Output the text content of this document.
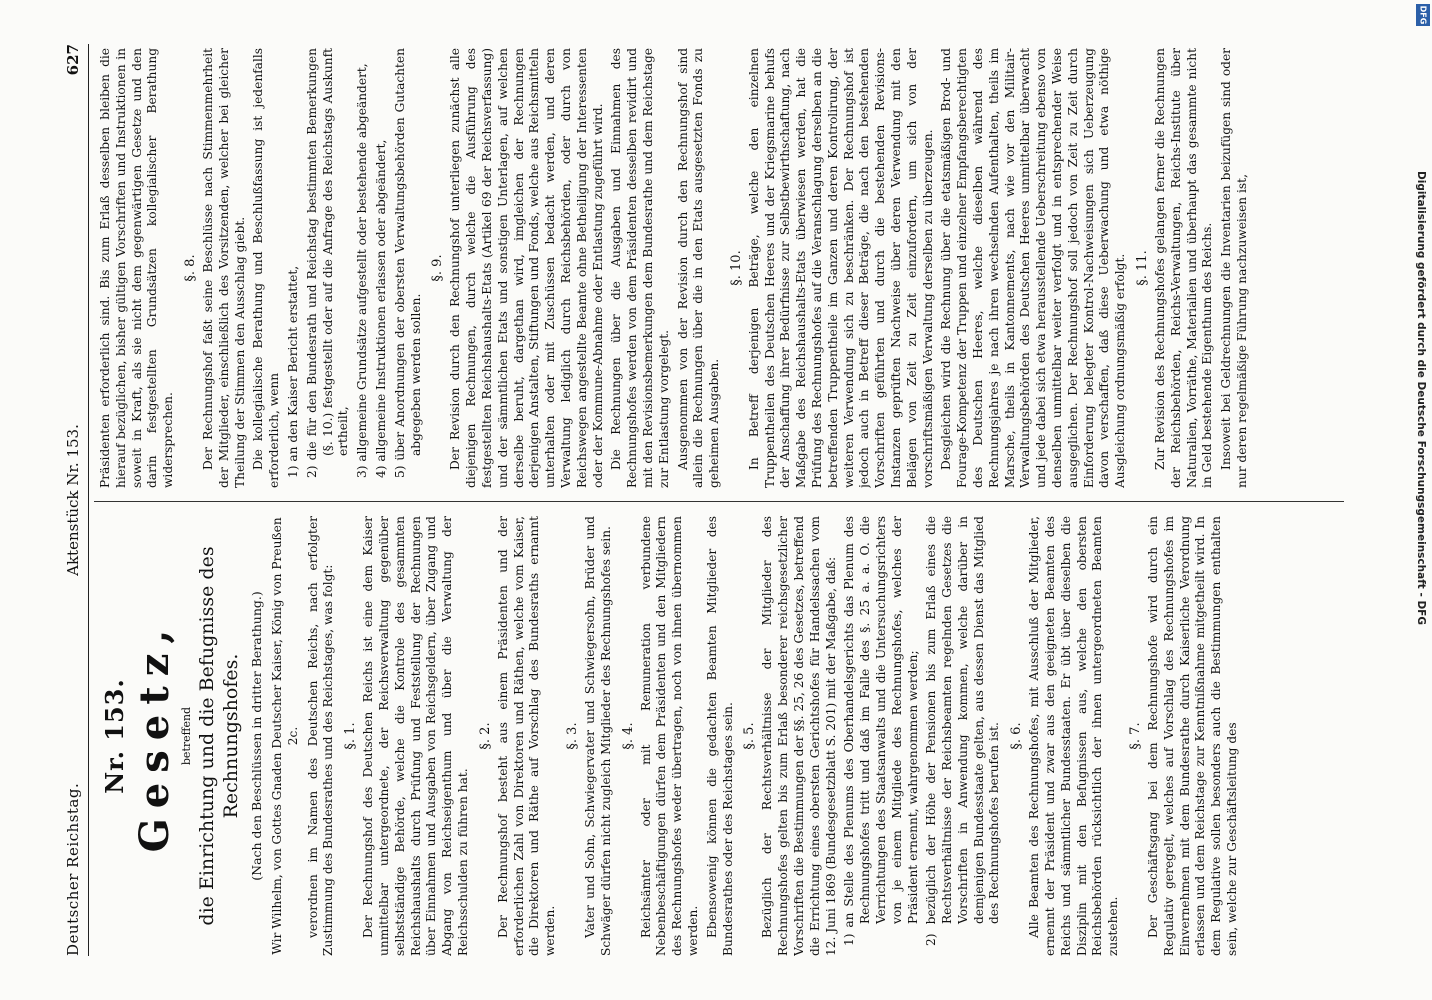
Deutscher Reichstag.
Aktenstück Nr. 153.
627
Nr. 153. Gesetz, betreffend die Einrichtung und die Befugnisse des Rechnungshofes. (Nach den Beschlüssen in dritter Berathung.) Wir Wilhelm, von Gottes Gnaden Deutscher Kaiser, König von Preußen 2c. verordnen im Namen des Deutschen Reichs, nach erfolgter Zustimmung des Bundesrathes und des Reichstages, was folgt: §. 1. Der Rechnungshof des Deutschen Reichs ist eine dem Kaiser unmittelbar untergeordnete, der Reichsverwaltung gegenüber selbstständige Behörde, welche die Kontrole des gesammten Reichshaushalts durch Prüfung und Feststellung der Rechnungen über Einnahmen und Ausgaben von Reichsgeldern, über Zugang und Abgang von Reichseigenthum und über die Verwaltung der Reichsschulden zu führen hat.

§. 2. Der Rechnungshof besteht aus einem Präsidenten und der erforderlichen Zahl von Direktoren und Räthen, welche vom Kaiser, die Direktoren und Räthe auf Vorschlag des Bundesraths ernannt werden.

§. 3. Vater und Sohn, Schwiegervater und Schwiegersohn, Brüder und Schwäger dürfen nicht zugleich Mitglieder des Rechnungshofes sein. §. 4. Reichsämter oder mit Remuneration verbundene Nebenbeschäftigungen dürfen dem Präsidenten und den Mitgliedern des Rechnungshofes weder übertragen, noch von ihnen übernommen werden. Ebensowenig können die gedachten Beamten Mitglieder des Bundesrathes oder des Reichstages sein. §. 5. Bezüglich der Rechtsverhältnisse der Mitglieder des Rechnungshofes gelten bis zum Erlaß besonderer reichsgesetzlicher Vorschriften die Bestimmungen der §§. 25, 26 des Gesetzes, betreffend die Errichtung eines obersten Gerichtshofes für Handelssachen vom 12. Juni 1869 (Bundesgesetzblatt S. 201) mit der Maßgabe, daß: 1) an Stelle des Plenums des Oberhandelsgerichts das Plenum des Rechnungshofes tritt und daß im Falle des §. 25 a. a. O. die Verrichtungen des Staatsanwalts und die Untersuchungsrichters von je einem Mitgliede des Rechnungshofes, welches der Präsident ernennt, wahrgenommen werden; 2) bezüglich der Höhe der Pensionen bis zum Erlaß eines die Rechtsverhältnisse der Reichsbeamten regelnden Gesetzes die Vorschriften in Anwendung kommen, welche darüber in demjenigen Bundesstaate gelten, aus dessen Dienst das Mitglied des Rechnungshofes berufen ist. §. 6. Alle Beamten des Rechnungshofes, mit Ausschluß der Mitglieder, ernennt der Präsident und zwar aus den geeigneten Beamten des Reichs und sämmtlicher Bundesstaaten. Er übt über dieselben die Disziplin mit den Befugnissen aus, welche den obersten Reichsbehörden rücksichtlich der ihnen untergeordneten Beamten zustehen.

§. 7. Der Geschäftsgang bei dem Rechnungshofe wird durch ein Regulativ geregelt, welches auf Vorschlag des Rechnungshofes im Einvernehmen mit dem Bundesrathe durch Kaiserliche Verordnung erlassen und dem Reichstage zur Kenntnißnahme mitgetheilt wird. In dem Regulative sollen besonders auch die Bestimmungen enthalten sein, welche zur Geschäftsleitung des

Präsidenten erforderlich sind. Bis zum Erlaß desselben bleiben die hierauf bezüglichen, bisher gültigen Vorschriften und Instruktionen in soweit in Kraft, als sie nicht dem gegenwärtigen Gesetze und den darin festgestellten Grundsätzen kollegialischer Berathung widersprechen.

§. 8. Der Rechnungshof faßt seine Beschlüsse nach Stimmenmehrheit der Mitglieder, einschließlich des Vorsitzenden, welcher bei gleicher Theilung der Stimmen den Ausschlag giebt. Die kollegialische Berathung und Beschlußfassung ist jedenfalls erforderlich, wenn 1) an den Kaiser Bericht erstattet, 2) die für den Bundesrath und Reichstag bestimmten Bemerkungen (§. 10.) festgestellt oder auf die Anfrage des Reichstags Auskunft ertheilt, 3) allgemeine Grundsätze aufgestellt oder bestehende abgeändert, 4) allgemeine Instruktionen erlassen oder abgeändert, 5) über Anordnungen der obersten Verwaltungsbehörden Gutachten abgegeben werden sollen.

§. 9. Der Revision durch den Rechnungshof unterliegen zunächst alle diejenigen Rechnungen, durch welche die Ausführung des festgestellten Reichshaushalts-Etats (Artikel 69 der Reichsverfassung) und der sämmtlichen Etats und sonstigen Unterlagen, auf welchen derselbe beruht, dargethan wird, imgleichen der Rechnungen derjenigen Anstalten, Stiftungen und Fonds, welche aus Reichsmitteln unterhalten oder mit Zuschüssen bedacht werden, und deren Verwaltung lediglich durch Reichsbehörden, oder durch von Reichswegen angestellte Beamte ohne Betheiligung der Interessenten oder der Kommune-Abnahme oder Entlastung zugeführt wird. Die Rechnungen über die Ausgaben und Einnahmen des Rechnungshofes werden von dem Präsidenten desselben revidirt und mit den Revisionsbemerkungen dem Bundesrathe und dem Reichstage zur Entlastung vorgelegt. Ausgenommen von der Revision durch den Rechnungshof sind allein die Rechnungen über die in den Etats ausgesetzten Fonds zu geheimen Ausgaben.

§. 10. In Betreff derjenigen Beträge, welche den einzelnen Truppentheilen des Deutschen Heeres und der Kriegsmarine behufs der Anschaffung ihrer Bedürfnisse zur Selbstbewirthschaftung, nach Maßgabe des Reichshaushalts-Etats überwiesen werden, hat die Prüfung des Rechnungshofes auf die Veranschlagung derselben an die betreffenden Truppentheile im Ganzen und deren Kontrolirung, der weiteren Verwendung sich zu beschränken. Der Rechnungshof ist jedoch auch in Betreff dieser Beträge, die nach den bestehenden Vorschriften geführten und durch die bestehenden Revisions-Instanzen geprüften Nachweise über deren Verwendung mit den Belägen von Zeit zu Zeit einzufordern, um sich von der vorschriftsmäßigen Verwaltung derselben zu überzeugen. Desgleichen wird die Rechnung über die etatsmäßigen Brod- und Fourage-Kompetenz der Truppen und einzelner Empfangsberechtigten des Deutschen Heeres, welche dieselben während des Rechnungsjahres je nach ihren wechselnden Aufenthalten, theils im Marsche, theils in Kantonnements, nach wie vor den Militair-Verwaltungsbehörden des Deutschen Heeres unmittelbar überwacht und jede dabei sich etwa herausstellende Ueberschreitung ebenso von denselben unmittelbar weiter verfolgt und in entsprechender Weise ausgeglichen. Der Rechnungshof soll jedoch von Zeit zu Zeit durch Einforderung belegter Kontrol-Nachweisungen sich Ueberzeugung davon verschaffen, daß diese Ueberwachung und etwa nöthige Ausgleichung ordnungsmäßig erfolgt. §. 11. Zur Revision des Rechnungshofes gelangen ferner die Rechnungen der Reichsbehörden, Reichs-Verwaltungen, Reichs-Institute über Naturalien, Vorräthe, Materialien und überhaupt das gesammte nicht in Geld bestehende Eigenthum des Reichs. Insoweit bei Geldrechnungen die Inventarien beizufügen sind oder nur deren regelmäßige Führung nachzuweisen ist,

DFG
Digitalisierung gefördert durch die Deutsche Forschungsgemeinschaft - DFG
